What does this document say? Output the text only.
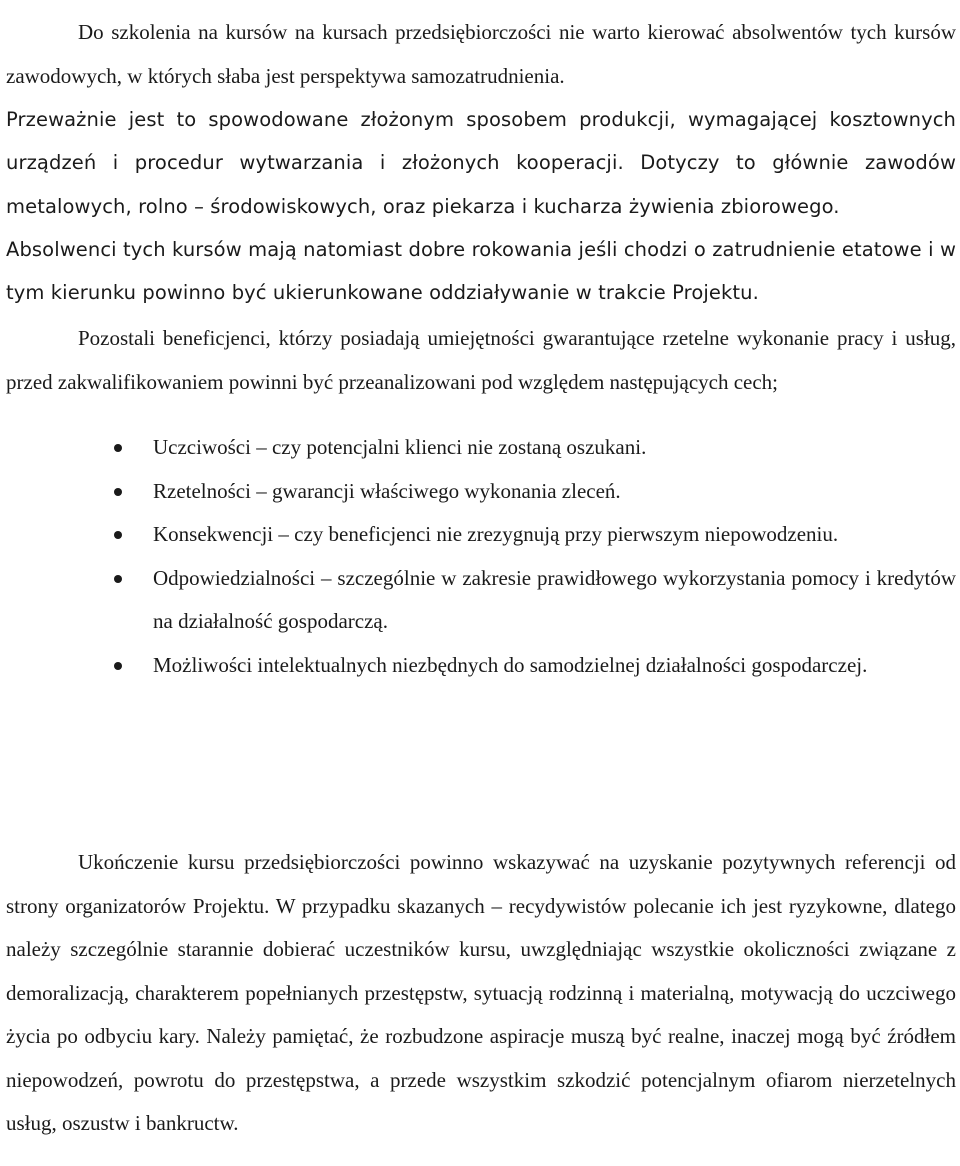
Do szkolenia na kursów na kursach przedsiębiorczości nie warto kierować absolwentów tych kursów zawodowych, w których słaba jest perspektywa samozatrudnienia.

Przeważnie jest to spowodowane złożonym sposobem produkcji, wymagającej kosztownych urządzeń i procedur wytwarzania i złożonych kooperacji. Dotyczy to głównie zawodów metalowych, rolno – środowiskowych, oraz piekarza i kucharza żywienia zbiorowego.

Absolwenci tych kursów mają natomiast dobre rokowania jeśli chodzi o zatrudnienie etatowe i w tym kierunku powinno być ukierunkowane oddziaływanie w trakcie Projektu.

Pozostali beneficjenci, którzy posiadają umiejętności gwarantujące rzetelne wykonanie pracy i usług, przed zakwalifikowaniem powinni być przeanalizowani pod względem następujących cech;

Uczciwości – czy potencjalni klienci nie zostaną oszukani.
Rzetelności – gwarancji właściwego wykonania zleceń.
Konsekwencji – czy beneficjenci nie zrezygnują przy pierwszym niepowodzeniu.
Odpowiedzialności – szczególnie w zakresie prawidłowego wykorzystania pomocy i kredytów na działalność gospodarczą.
Możliwości intelektualnych niezbędnych do samodzielnej działalności gospodarczej.

Ukończenie kursu przedsiębiorczości powinno wskazywać na uzyskanie pozytywnych referencji od strony organizatorów Projektu. W przypadku skazanych – recydywistów polecanie ich jest ryzykowne, dlatego należy szczególnie starannie dobierać uczestników kursu, uwzględniając wszystkie okoliczności związane z demoralizacją, charakterem popełnianych przestępstw, sytuacją rodzinną i materialną, motywacją do uczciwego życia po odbyciu kary. Należy pamiętać, że rozbudzone aspiracje muszą być realne, inaczej mogą być źródłem niepowodzeń, powrotu do przestępstwa, a przede wszystkim szkodzić potencjalnym ofiarom nierzetelnych usług, oszustw i bankructw.
